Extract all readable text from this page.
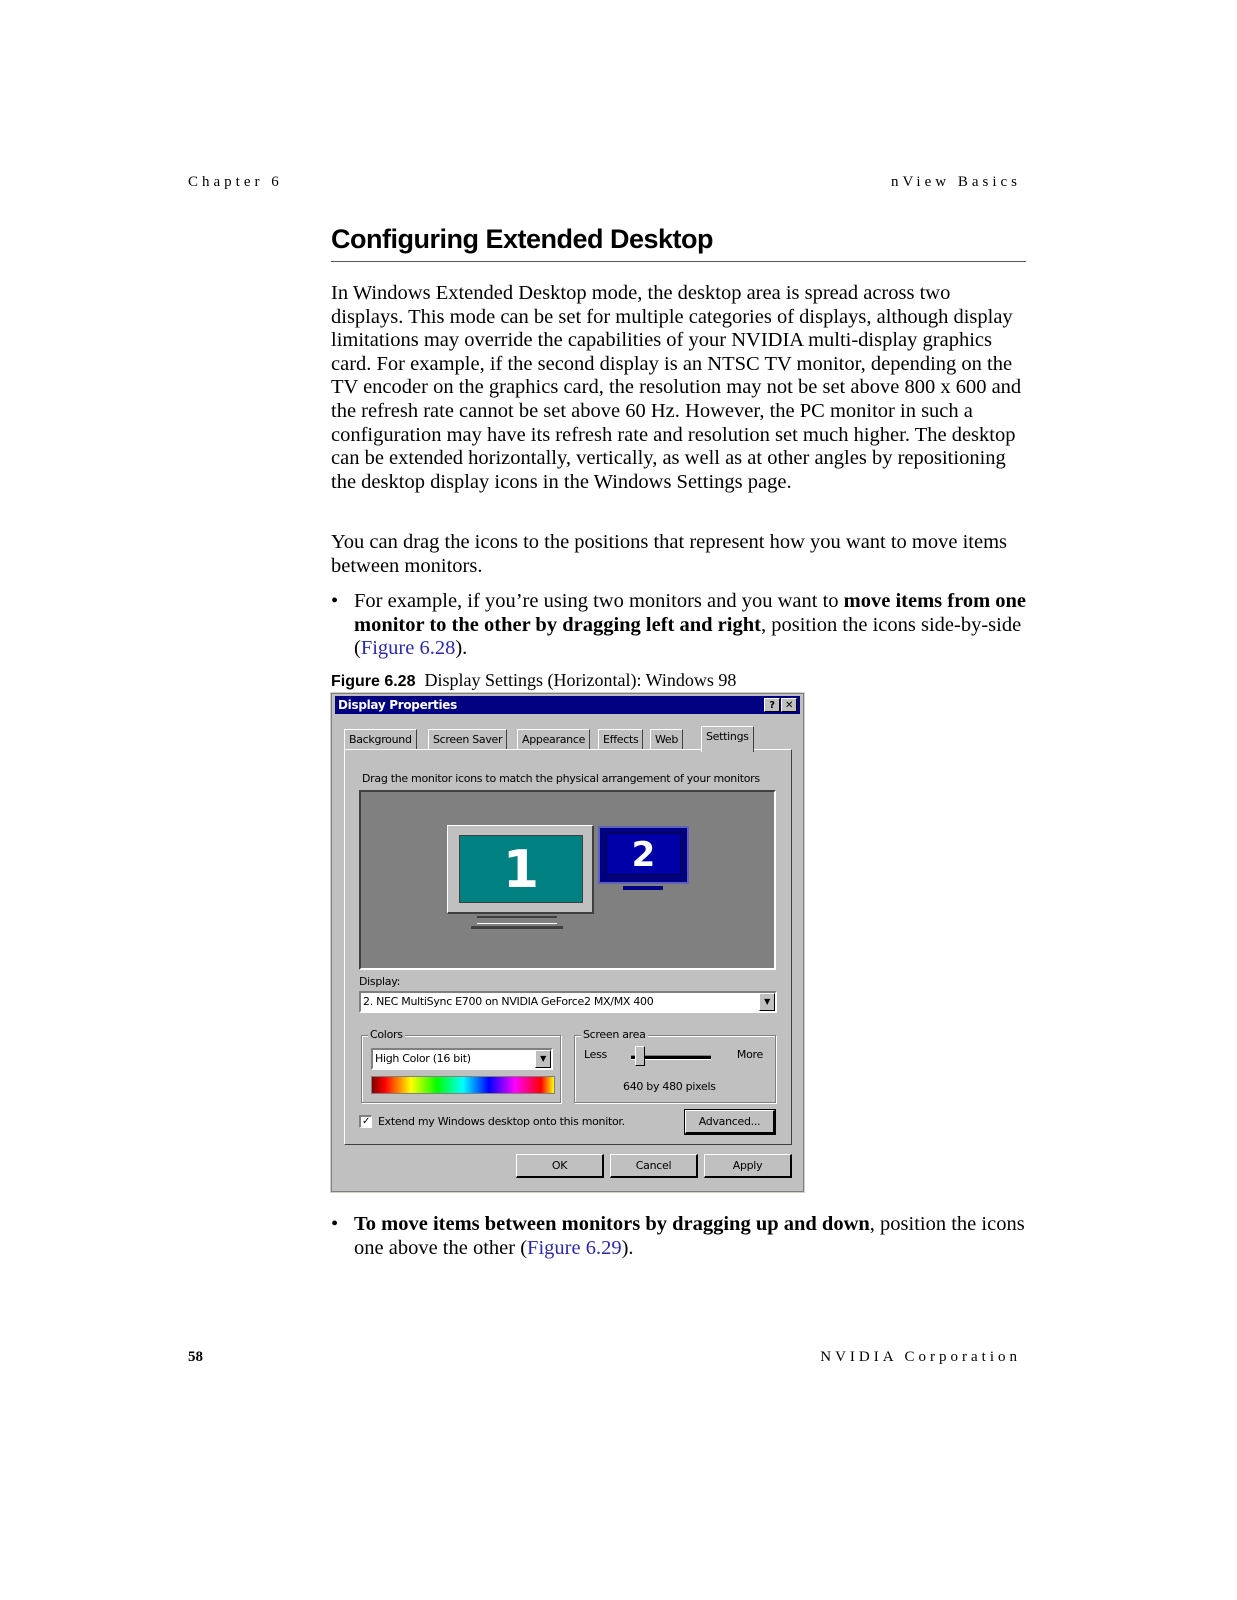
Chapter 6	nView Basics
Configuring Extended Desktop

In Windows Extended Desktop mode, the desktop area is spread across two displays. This mode can be set for multiple categories of displays, although display limitations may override the capabilities of your NVIDIA multi-display graphics card. For example, if the second display is an NTSC TV monitor, depending on the TV encoder on the graphics card, the resolution may not be set above 800 x 600 and the refresh rate cannot be set above 60 Hz. However, the PC monitor in such a configuration may have its refresh rate and resolution set much higher. The desktop can be extended horizontally, vertically, as well as at other angles by repositioning the desktop display icons in the Windows Settings page.

You can drag the icons to the positions that represent how you want to move items between monitors.

• For example, if you’re using two monitors and you want to move items from one monitor to the other by dragging left and right, position the icons side-by-side (Figure 6.28).
Figure 6.28 Display Settings (Horizontal): Windows 98
Display Properties	?	✕
Background	Screen Saver	Appearance	Effects	Web	Settings
Drag the monitor icons to match the physical arrangement of your monitors
1	2
Display:
2. NEC MultiSync E700 on NVIDIA GeForce2 MX/MX 400	▼
Colors
High Color (16 bit)	▼
Screen area
Less	More
640 by 480 pixels
✓ Extend my Windows desktop onto this monitor.	Advanced...
OK	Cancel	Apply
• To move items between monitors by dragging up and down, position the icons one above the other (Figure 6.29).
58	NVIDIA Corporation
